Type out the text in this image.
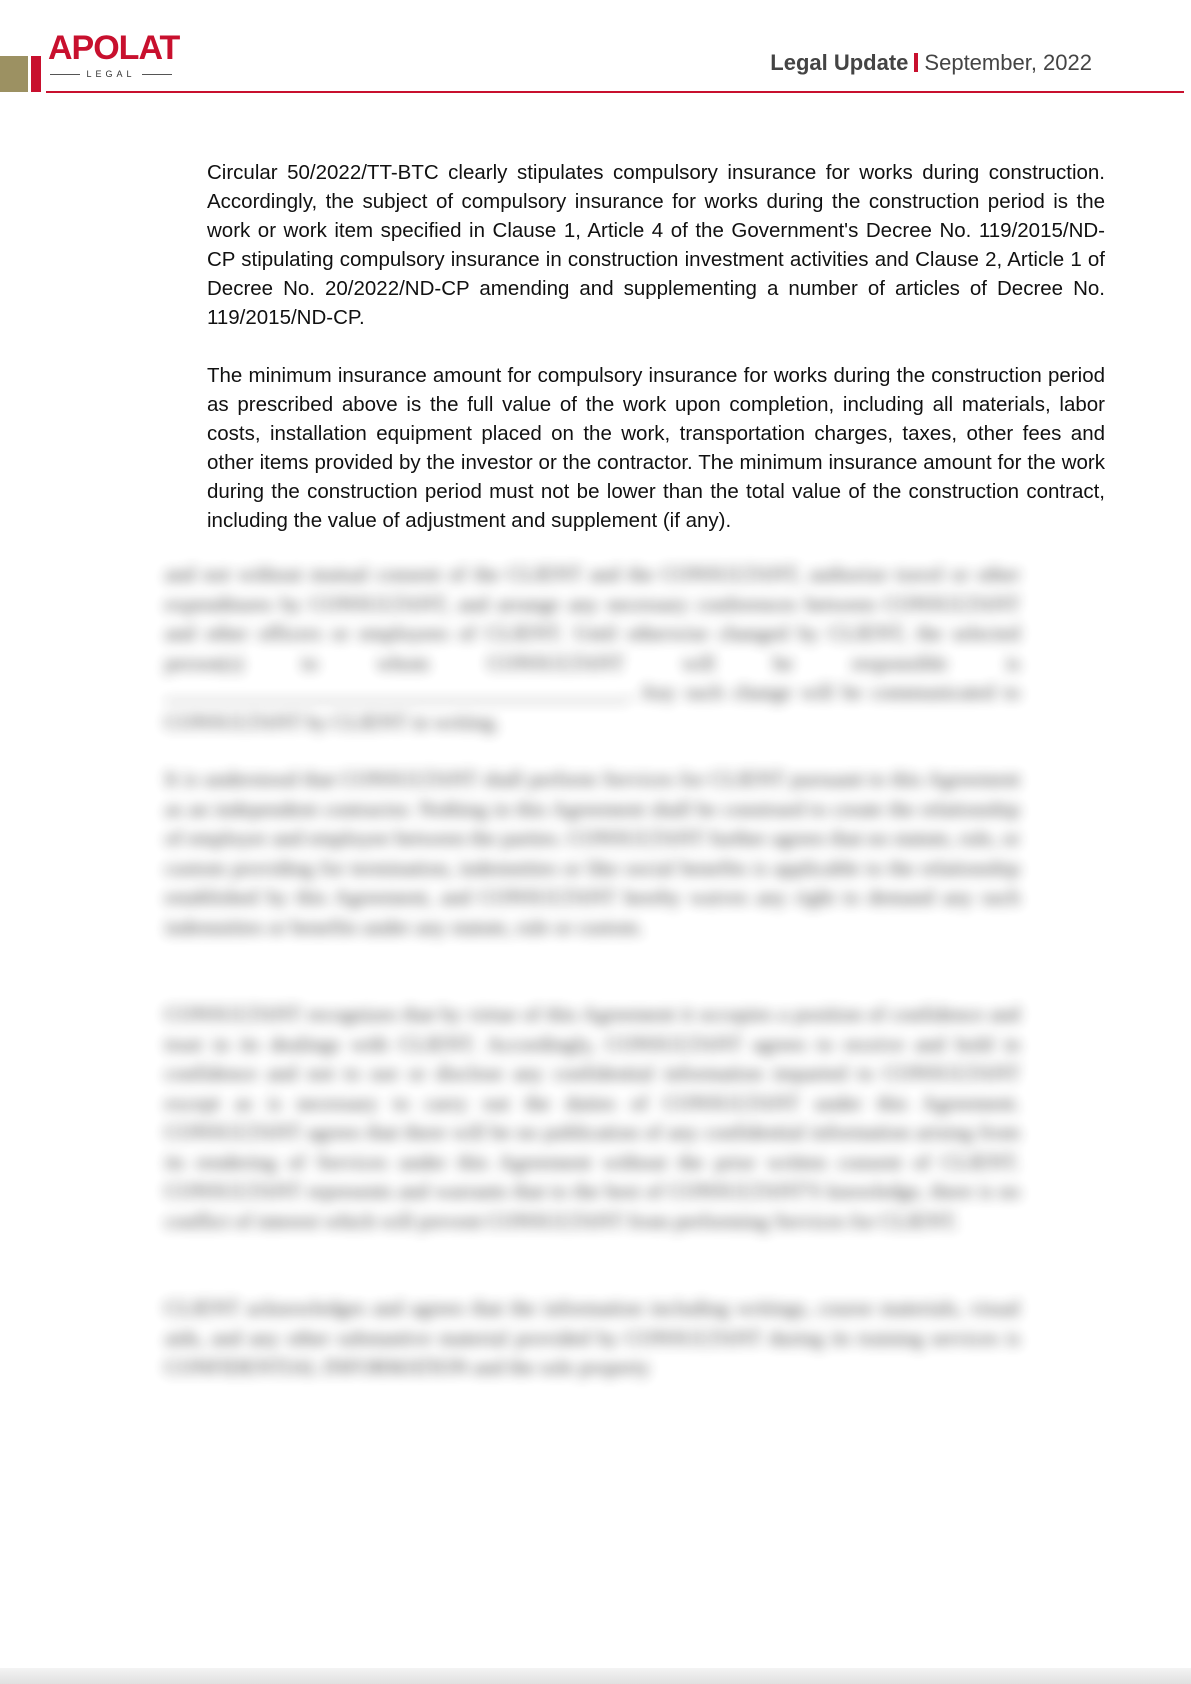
APOLAT
LEGAL	Legal Update September, 2022

Circular 50/2022/TT-BTC clearly stipulates compulsory insurance for works during construction. Accordingly, the subject of compulsory insurance for works during the construction period is the work or work item specified in Clause 1, Article 4 of the Government's Decree No. 119/2015/ND-CP stipulating compulsory insurance in construction investment activities and Clause 2, Article 1 of Decree No. 20/2022/ND-CP amending and supplementing a number of articles of Decree No. 119/2015/ND-CP.

The minimum insurance amount for compulsory insurance for works during the construction period as prescribed above is the full value of the work upon completion, including all materials, labor costs, installation equipment placed on the work, transportation charges, taxes, other fees and other items provided by the investor or the contractor. The minimum insurance amount for the work during the construction period must not be lower than the total value of the construction contract, including the value of adjustment and supplement (if any).

and not without mutual consent of the CLIENT and the CONSULTANT, authorize travel or other expenditures by CONSULTANT, and arrange any necessary conferences between CONSULTANT and other officers or employees of CLIENT. Until otherwise changed by CLIENT, the selected person(s) to whom CONSULTANT will be responsible is ____________________________________________. Any such change will be communicated to CONSULTANT by CLIENT in writing.

It is understood that CONSULTANT shall perform Services for CLIENT pursuant to this Agreement as an independent contractor. Nothing in this Agreement shall be construed to create the relationship of employer and employee between the parties. CONSULTANT further agrees that no statute, rule, or custom providing for termination, indemnities or like social benefits is applicable to the relationship established by this Agreement, and CONSULTANT hereby waives any right to demand any such indemnities or benefits under any statute, rule or custom.

CONSULTANT recognizes that by virtue of this Agreement it occupies a position of confidence and trust in its dealings with CLIENT. Accordingly, CONSULTANT agrees to receive and hold in confidence and not to use or disclose any confidential information imparted to CONSULTANT except as is necessary to carry out the duties of CONSULTANT under this Agreement. CONSULTANT agrees that there will be no publication of any confidential information arising from its rendering of Services under this Agreement without the prior written consent of CLIENT. CONSULTANT represents and warrants that to the best of CONSULTANT'S knowledge, there is no conflict of interest which will prevent CONSULTANT from performing Services for CLIENT.

CLIENT acknowledges and agrees that the information including writings, course materials, visual aids, and any other substantive material provided by CONSULTANT during its training services is CONFIDENTIAL INFORMATION and the sole property
